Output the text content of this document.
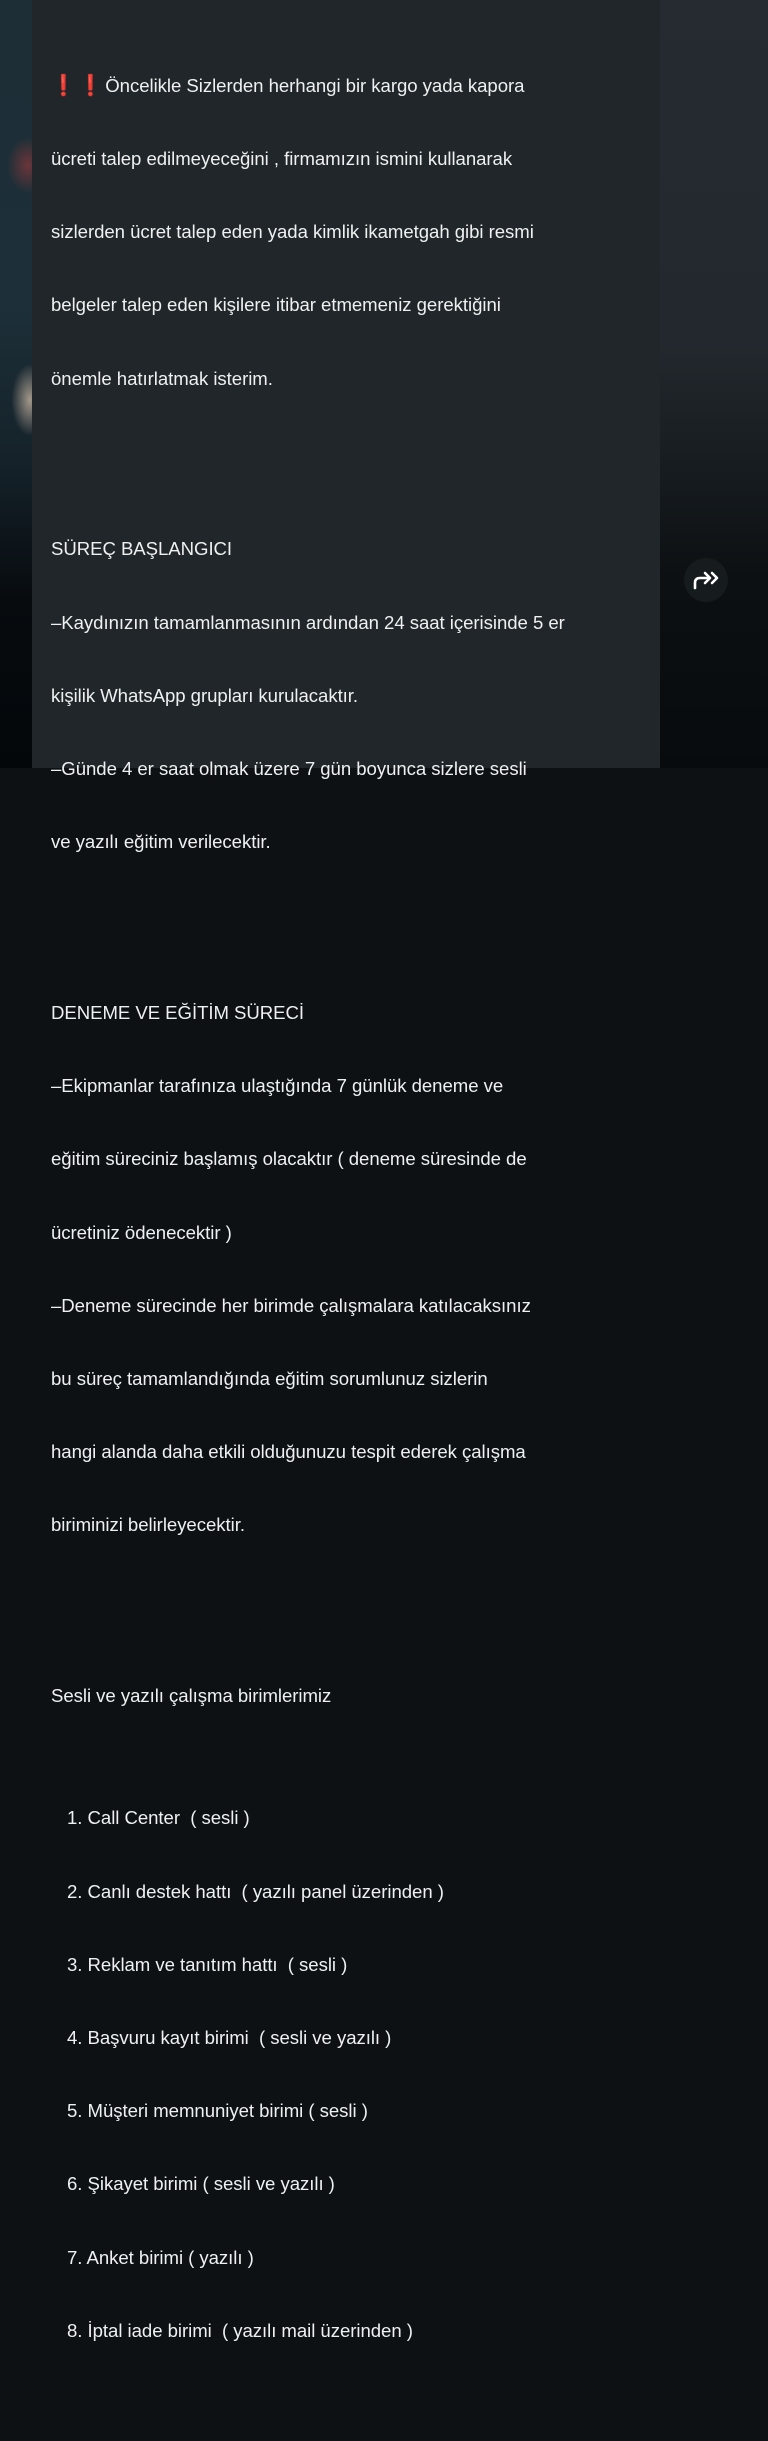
❗ ❗ Öncelikle Sizlerden herhangi bir kargo yada kapora

ücreti talep edilmeyeceğini , firmamızın ismini kullanarak

sizlerden ücret talep eden yada kimlik ikametgah gibi resmi

belgeler talep eden kişilere itibar etmemeniz gerektiğini

önemle hatırlatmak isterim.

SÜREÇ BAŞLANGICI

–Kaydınızın tamamlanmasının ardından 24 saat içerisinde 5 er

kişilik WhatsApp grupları kurulacaktır.

–Günde 4 er saat olmak üzere 7 gün boyunca sizlere sesli

ve yazılı eğitim verilecektir.

DENEME VE EĞİTİM SÜRECİ

–Ekipmanlar tarafınıza ulaştığında 7 günlük deneme ve

eğitim süreciniz başlamış olacaktır ( deneme süresinde de

ücretiniz ödenecektir )

–Deneme sürecinde her birimde çalışmalara katılacaksınız

bu süreç tamamlandığında eğitim sorumlunuz sizlerin

hangi alanda daha etkili olduğunuzu tespit ederek çalışma

biriminizi belirleyecektir.

Sesli ve yazılı çalışma birimlerimiz

1. Call Center  ( sesli )

2. Canlı destek hattı  ( yazılı panel üzerinden )

3. Reklam ve tanıtım hattı  ( sesli )

4. Başvuru kayıt birimi  ( sesli ve yazılı )

5. Müşteri memnuniyet birimi ( sesli )

6. Şikayet birimi ( sesli ve yazılı )

7. Anket birimi ( yazılı )

8. İptal iade birimi  ( yazılı mail üzerinden )
